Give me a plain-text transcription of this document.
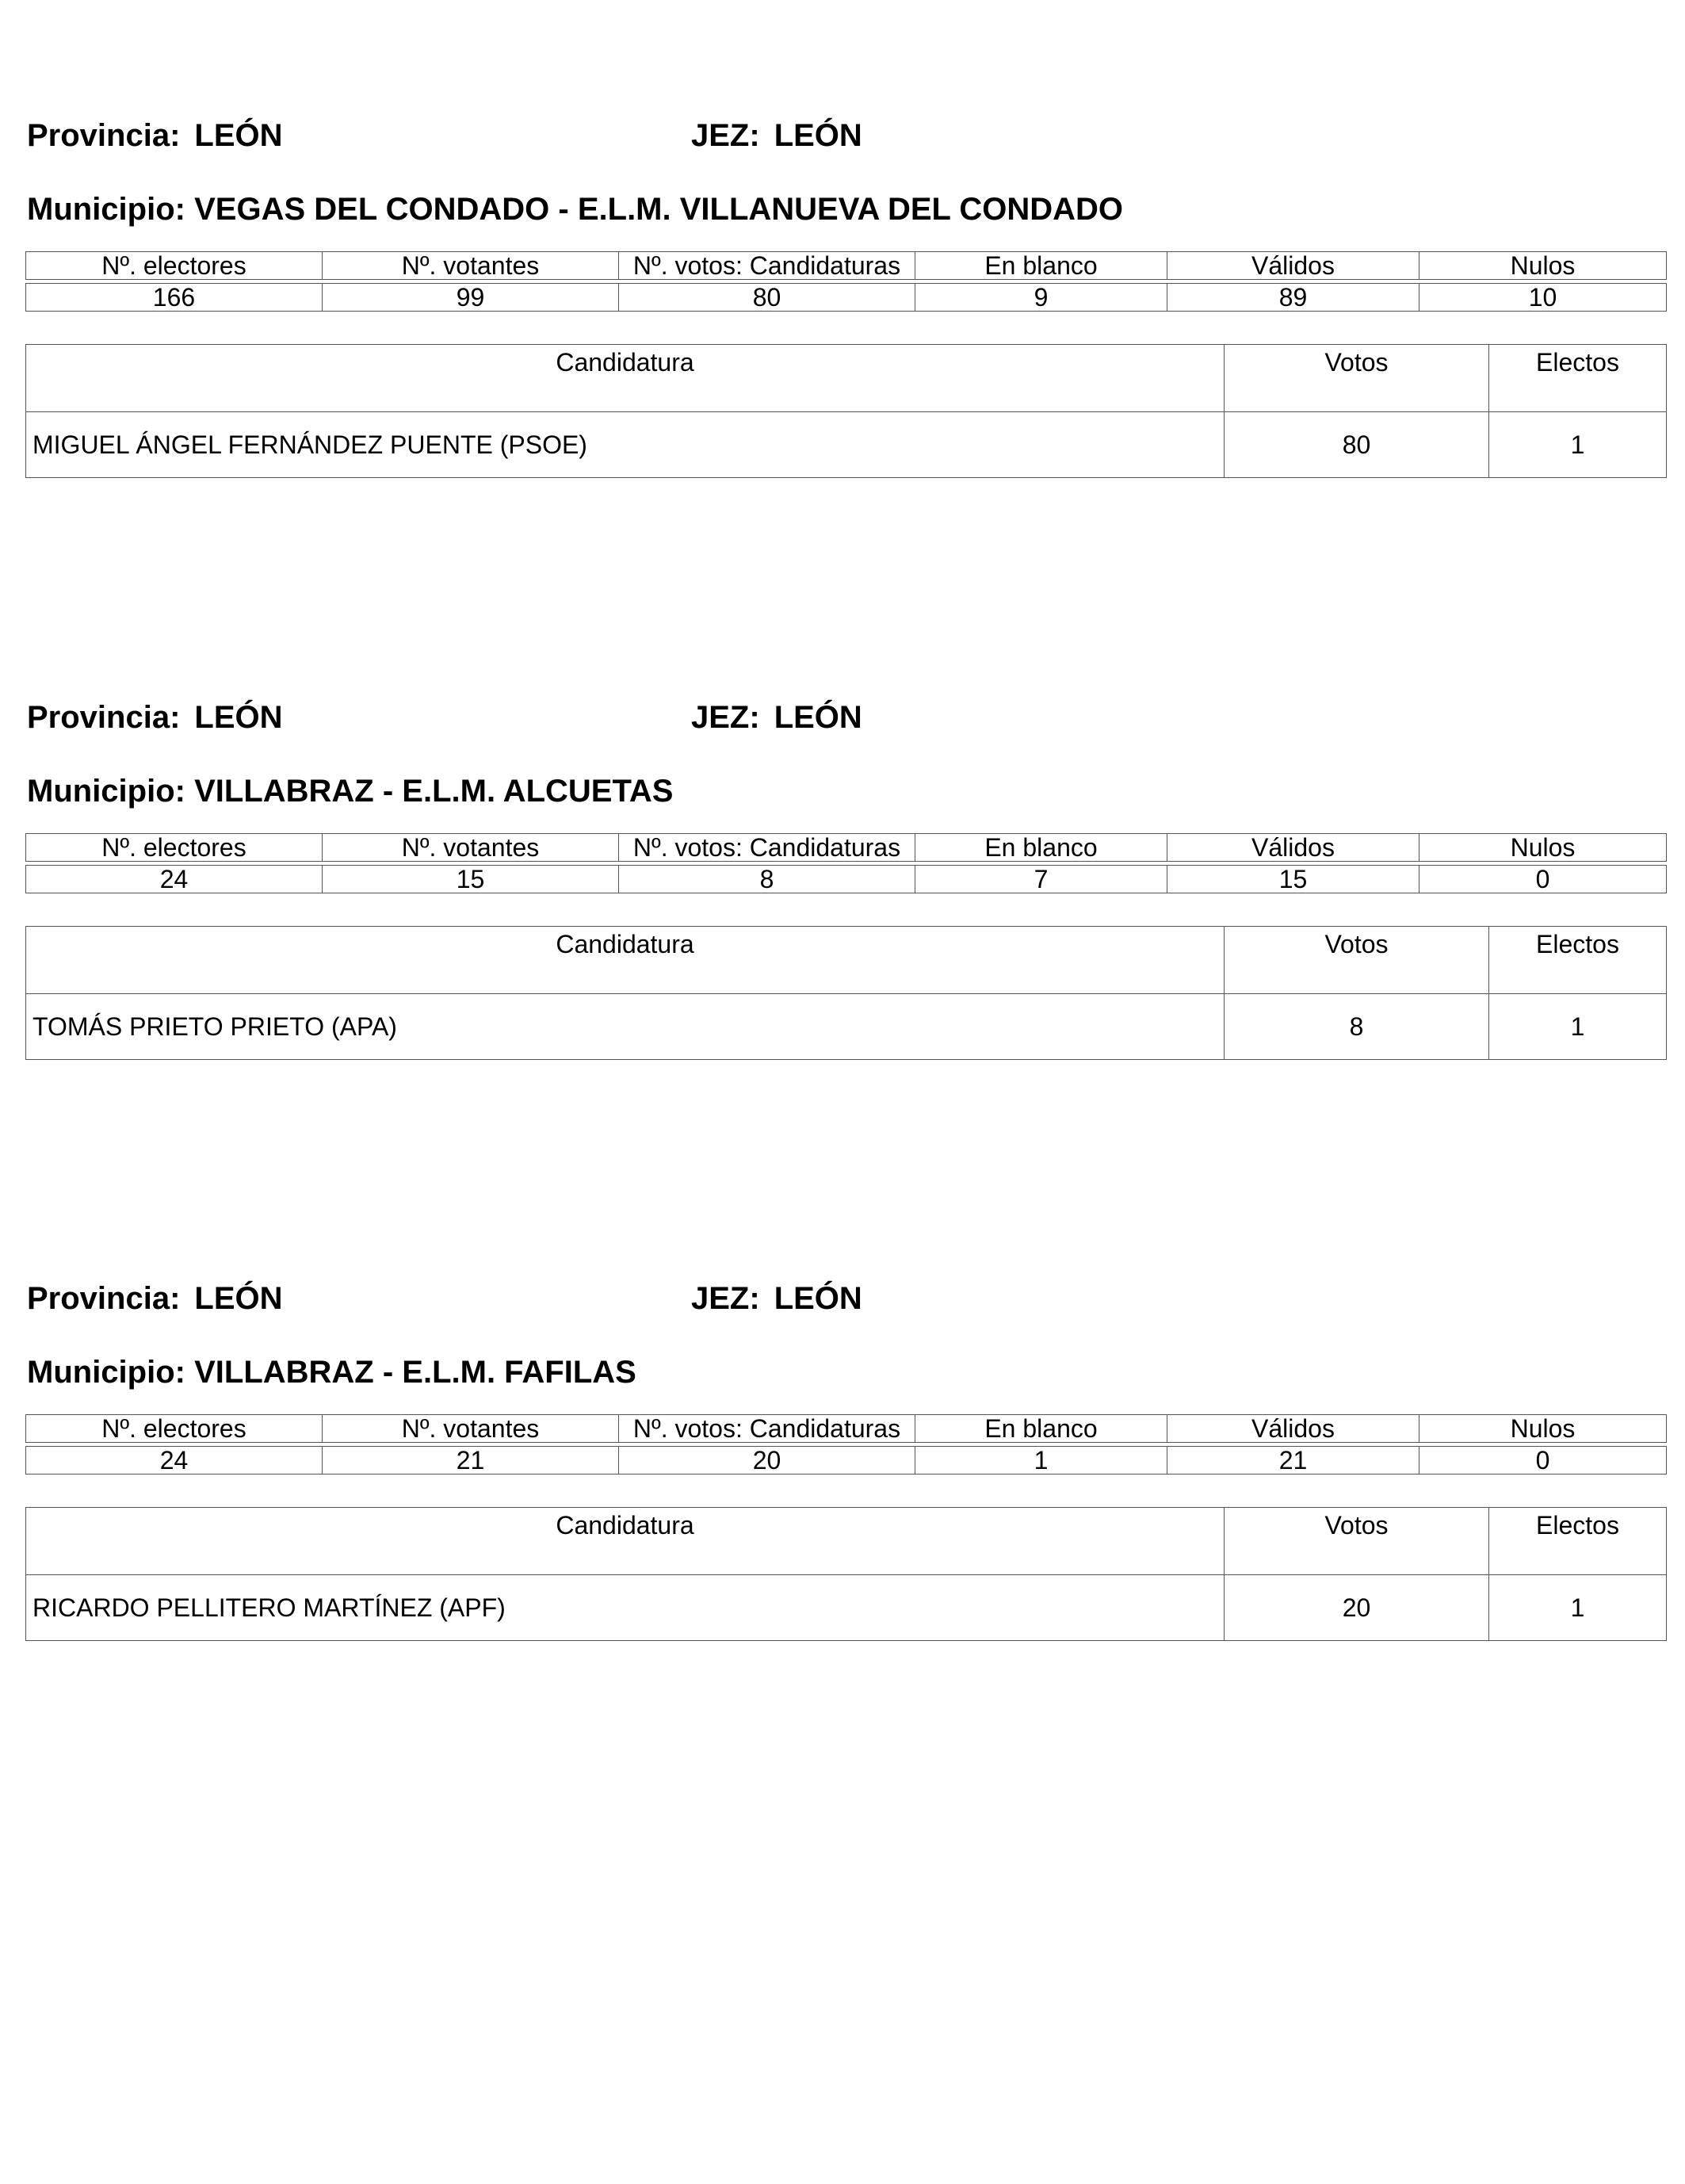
Provincia: LEÓN	JEZ: LEÓN
Municipio: VEGAS DEL CONDADO - E.L.M. VILLANUEVA DEL CONDADO
Nº. electores	Nº. votantes	Nº. votos: Candidaturas	En blanco	Válidos	Nulos

166	99	80	9	89	10
Candidatura	Votos	Electos
MIGUEL ÁNGEL FERNÁNDEZ PUENTE (PSOE)	80	1
Provincia: LEÓN	JEZ: LEÓN
Municipio: VILLABRAZ - E.L.M. ALCUETAS
Nº. electores	Nº. votantes	Nº. votos: Candidaturas	En blanco	Válidos	Nulos

24	15	8	7	15	0
Candidatura	Votos	Electos
TOMÁS PRIETO PRIETO (APA)	8	1
Provincia: LEÓN	JEZ: LEÓN
Municipio: VILLABRAZ - E.L.M. FAFILAS
Nº. electores	Nº. votantes	Nº. votos: Candidaturas	En blanco	Válidos	Nulos

24	21	20	1	21	0
Candidatura	Votos	Electos
RICARDO PELLITERO MARTÍNEZ (APF)	20	1
